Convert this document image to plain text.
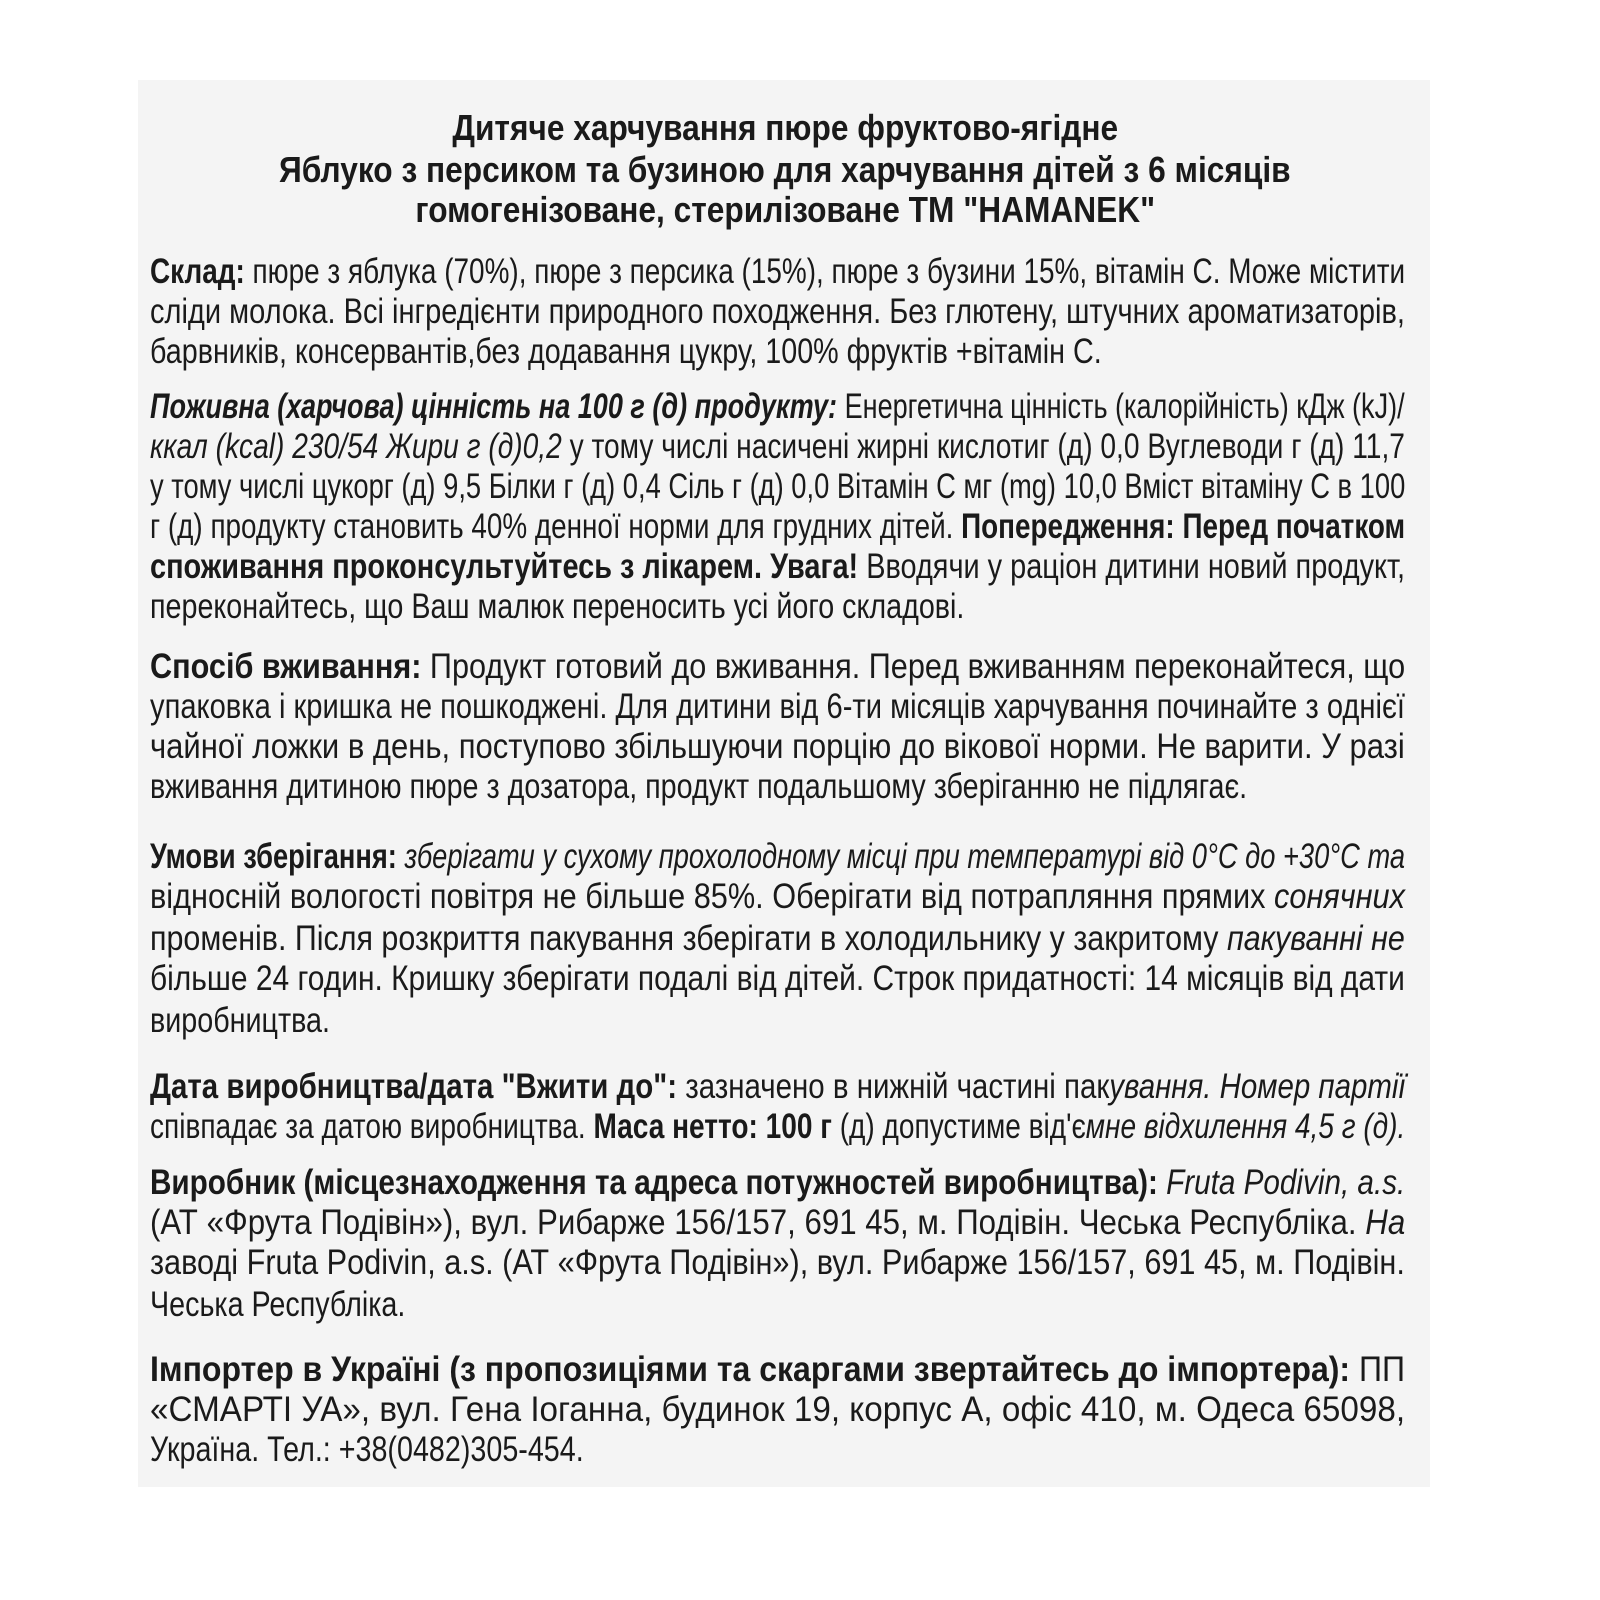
Дитяче харчування пюре фруктово-ягідне
Яблуко з персиком та бузиною для харчування дітей з 6 місяців
гомогенізоване, стерилізоване ТМ "HAMANEK"
Склад: пюре з яблука (70%), пюре з персика (15%), пюре з бузини 15%, вітамін С. Може містити
сліди молока. Всі інгредієнти природного походження. Без глютену, штучних ароматизаторів,
барвників, консервантів,без додавання цукру, 100% фруктів +вітамін С.
Поживна (харчова) цінність на 100 г (д) продукту: Енергетична цінність (калорійність) кДж (kJ)/
ккал (kcal) 230/54 Жири г (д)0,2 у тому числі насичені жирні кислотиг (д) 0,0 Вуглеводи г (д) 11,7
у тому числі цукорг (д) 9,5 Білки г (д) 0,4 Сіль г (д) 0,0 Вітамін С мг (mg) 10,0 Вміст вітаміну С в 100
г (д) продукту становить 40% денної норми для грудних дітей. Попередження: Перед початком
споживання проконсультуйтесь з лікарем. Увага! Вводячи у раціон дитини новий продукт,
переконайтесь, що Ваш малюк переносить усі його складові.
Спосіб вживання: Продукт готовий до вживання. Перед вживанням переконайтеся, що
упаковка і кришка не пошкоджені. Для дитини від 6-ти місяців харчування починайте з однієї
чайної ложки в день, поступово збільшуючи порцію до вікової норми. Не варити. У разі
вживання дитиною пюре з дозатора, продукт подальшому зберіганню не підлягає.
Умови зберігання: зберігати у сухому прохолодному місці при температурі від 0°С до +30°С та
відносній вологості повітря не більше 85%. Оберігати від потрапляння прямих сонячних
променів. Після розкриття пакування зберігати в холодильнику у закритому пакуванні не
більше 24 годин. Кришку зберігати подалі від дітей. Строк придатності: 14 місяців від дати
виробництва.
Дата виробництва/дата "Вжити до": зазначено в нижній частині пакування. Номер партії
співпадає за датою виробництва. Маса нетто: 100 г (д) допустиме від'ємне відхилення 4,5 г (д).
Виробник (місцезнаходження та адреса потужностей виробництва): Fruta Podivin, a.s.
(АТ «Фрута Подівін»), вул. Рибарже 156/157, 691 45, м. Подівін. Чеська Республіка. На
заводі Fruta Podivin, a.s. (АТ «Фрута Подівін»), вул. Рибарже 156/157, 691 45, м. Подівін.
Чеська Республіка.
Імпортер в Україні (з пропозиціями та скаргами звертайтесь до імпортера): ПП
«СМАРТІ УА», вул. Гена Іоганна, будинок 19, корпус А, офіс 410, м. Одеса 65098,
Україна. Тел.: +38(0482)305-454.
